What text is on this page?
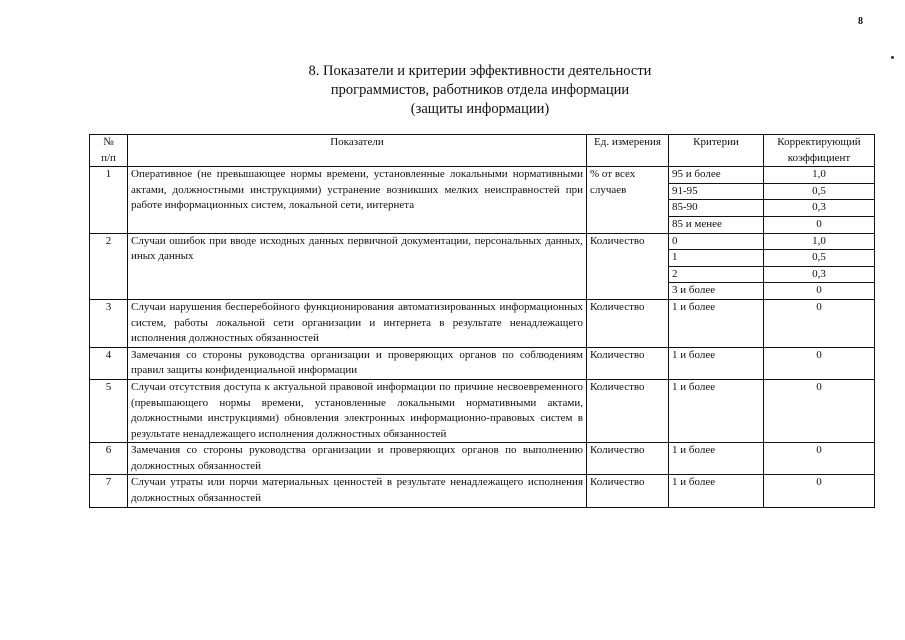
8
8. Показатели и критерии эффективности деятельности
программистов, работников отдела информации
(защиты информации)
№
п/п	Показатели	Ед. измерения	Критерии	Корректирующий коэффициент
1	Оперативное (не превышающее нормы времени, установленные локальными нормативными актами, должностными инструкциями) устранение возникших мелких неисправностей при работе информационных систем, локальной сети, интернета	% от всех случаев	95 и более	1,0
			91-95	0,5
			85-90	0,3
			85 и менее	0
2	Случаи ошибок при вводе исходных данных первичной документации, персональных данных, иных данных	Количество	0	1,0
			1	0,5
			2	0,3
			3 и более	0
3	Случаи нарушения бесперебойного функционирования автоматизированных информационных систем, работы локальной сети организации и интернета в результате ненадлежащего исполнения должностных обязанностей	Количество	1 и более	0
4	Замечания со стороны руководства организации и проверяющих органов по соблюдениям правил защиты конфиденциальной информации	Количество	1 и более	0
5	Случаи отсутствия доступа к актуальной правовой информации по причине несвоевременного (превышающего нормы времени, установленные локальными нормативными актами, должностными инструкциями) обновления электронных информационно-правовых систем в результате ненадлежащего исполнения должностных обязанностей	Количество	1 и более	0
6	Замечания со стороны руководства организации и проверяющих органов по выполнению должностных обязанностей	Количество	1 и более	0
7	Случаи утраты или порчи материальных ценностей в результате ненадлежащего исполнения должностных обязанностей	Количество	1 и более	0
